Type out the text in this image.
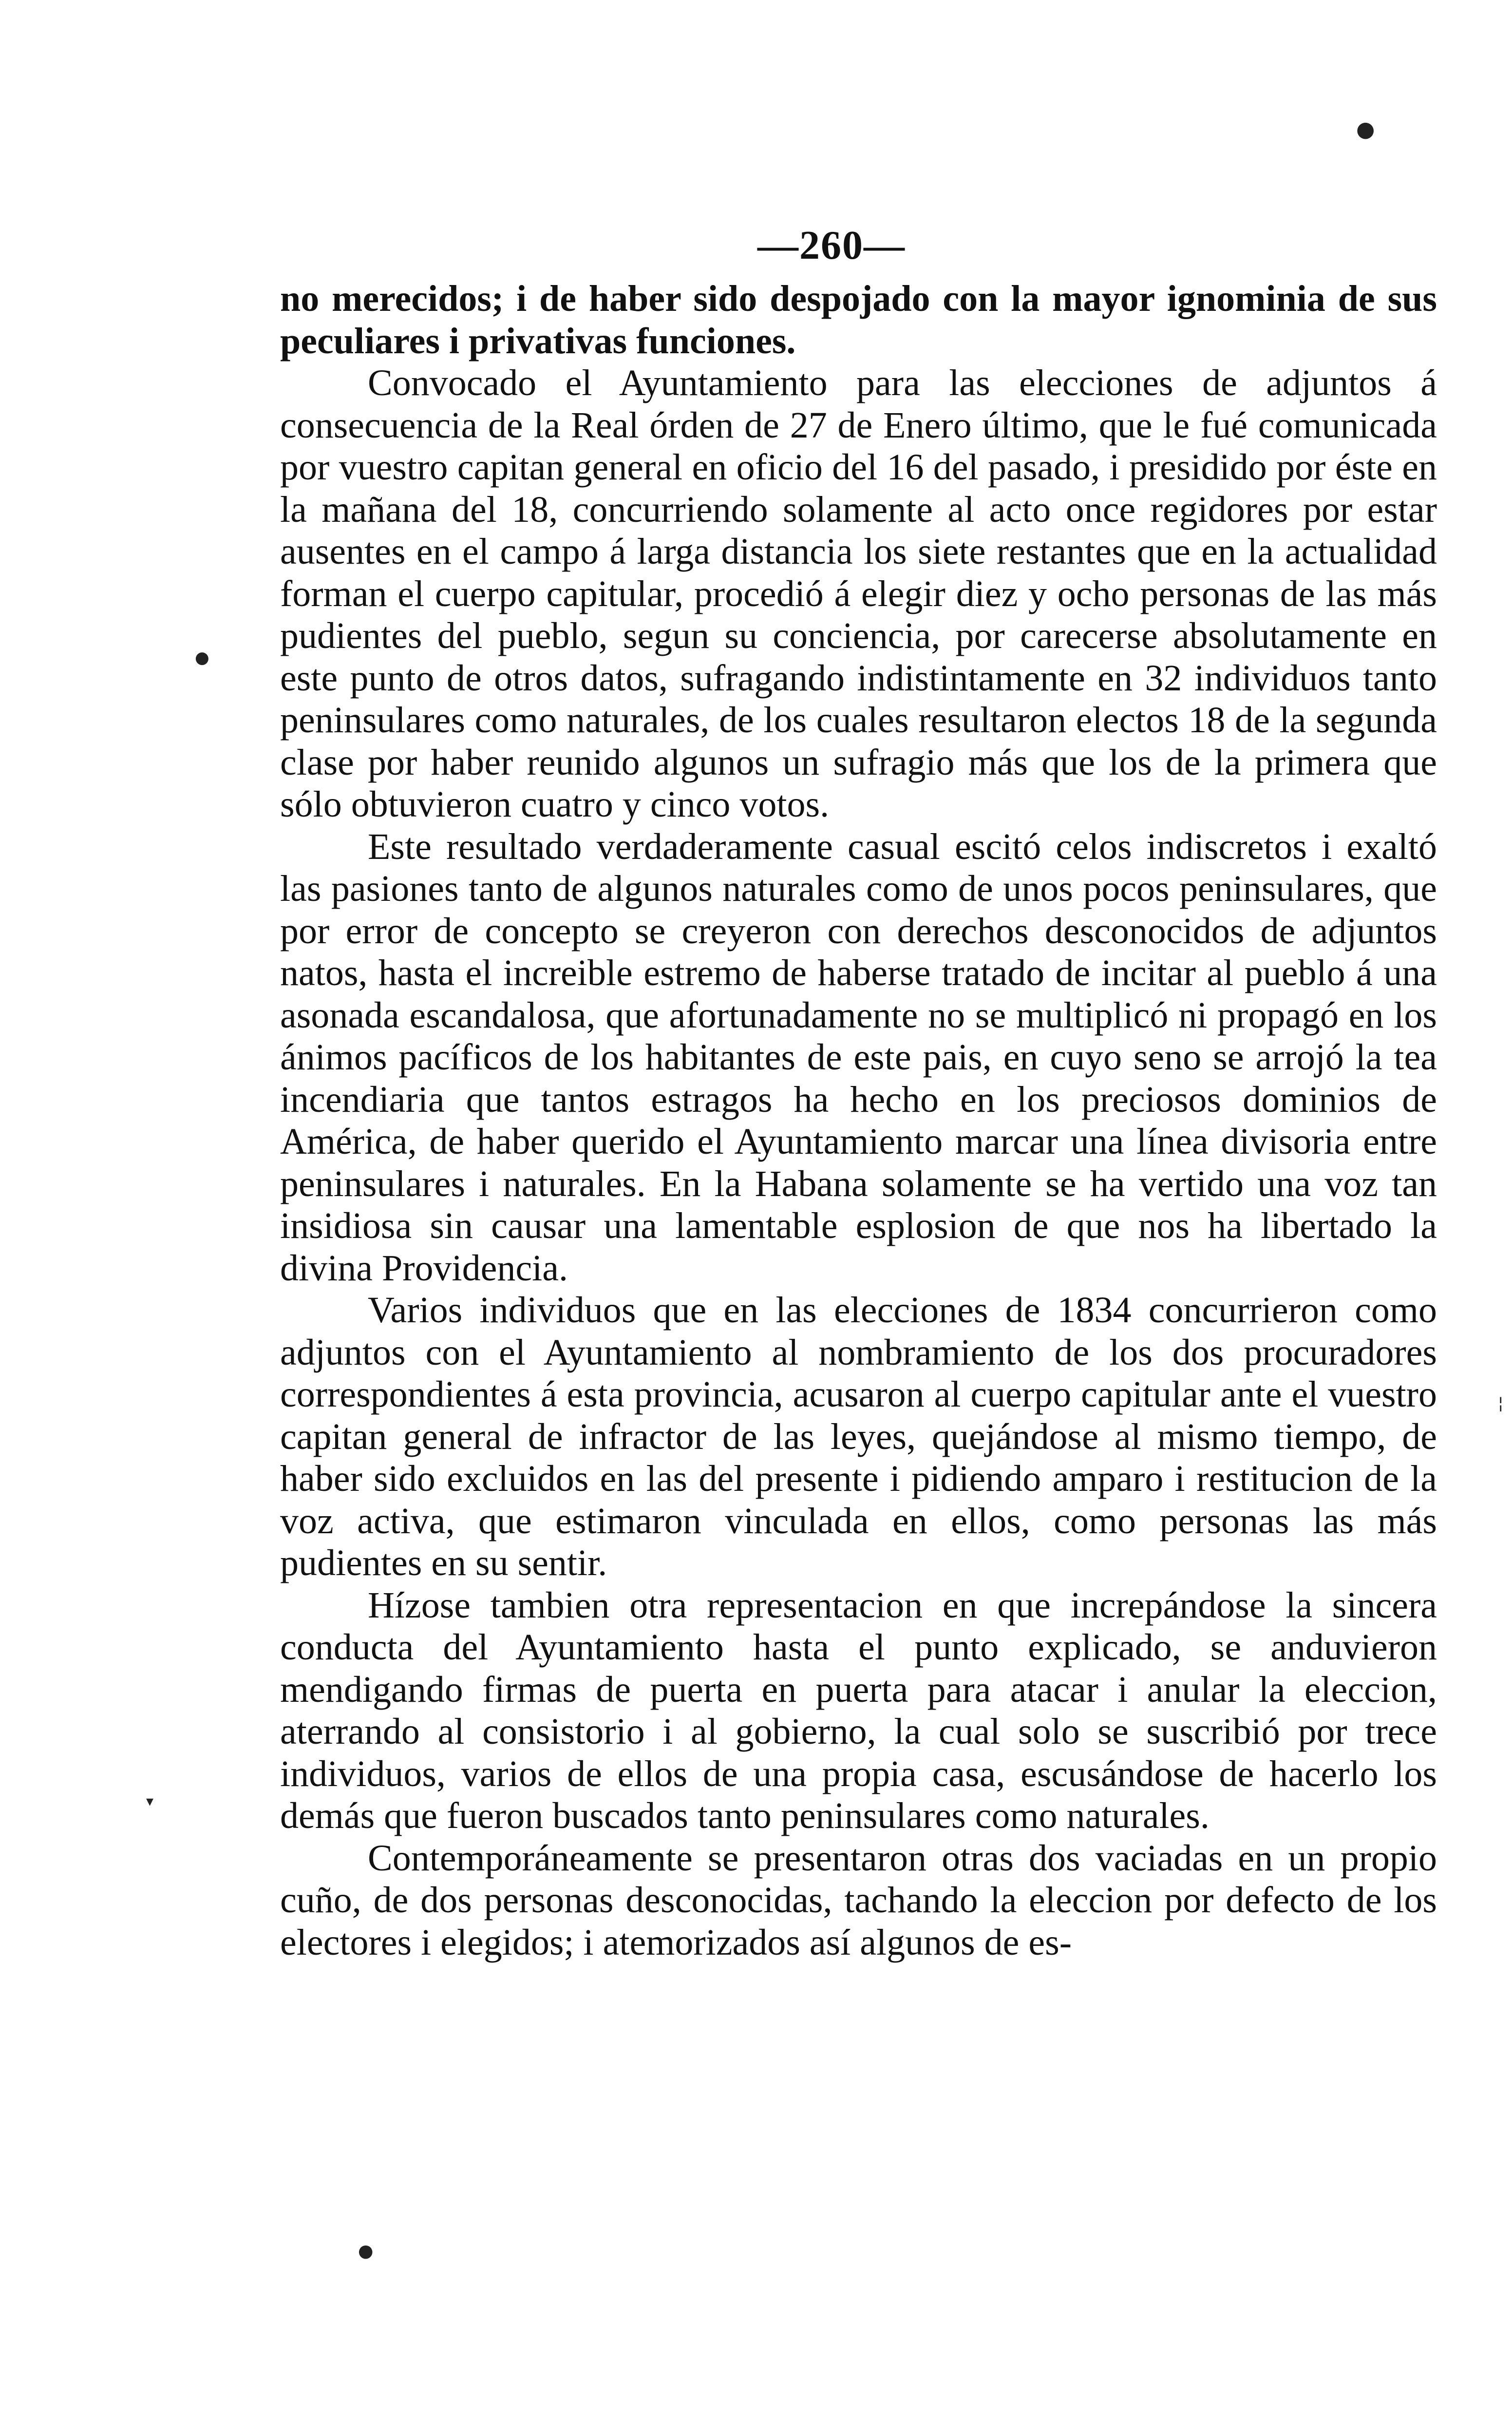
●
—260—

no merecidos; i de haber sido despojado con la mayor ignominia de sus peculiares i privativas funciones.

Convocado el Ayuntamiento para las elecciones de adjuntos á consecuencia de la Real órden de 27 de Enero último, que le fué comunicada por vuestro capitan general en oficio del 16 del pasado, i presidido por éste en la mañana del 18, concurriendo solamente al acto once regidores por estar ausentes en el campo á larga distancia los siete restantes que en la actualidad forman el cuerpo capitular, procedió á elegir diez y ocho personas de las más pudientes del pueblo, segun su conciencia, por carecerse absolutamente en este punto de otros datos, sufragando indistintamente en 32 individuos tanto peninsulares como naturales, de los cuales resultaron electos 18 de la segunda clase por haber reunido algunos un sufragio más que los de la primera que sólo obtuvieron cuatro y cinco votos.

Este resultado verdaderamente casual escitó celos indiscretos i exaltó las pasiones tanto de algunos naturales como de unos pocos peninsulares, que por error de concepto se creyeron con derechos desconocidos de adjuntos natos, hasta el increible estremo de haberse tratado de incitar al pueblo á una asonada escandalosa, que afortunadamente no se multiplicó ni propagó en los ánimos pacíficos de los habitantes de este pais, en cuyo seno se arrojó la tea incendiaria que tantos estragos ha hecho en los preciosos dominios de América, de haber querido el Ayuntamiento marcar una línea divisoria entre peninsulares i naturales. En la Habana solamente se ha vertido una voz tan insidiosa sin causar una lamentable esplosion de que nos ha libertado la divina Providencia.

Varios individuos que en las elecciones de 1834 concurrieron como adjuntos con el Ayuntamiento al nombramiento de los dos procuradores correspondientes á esta provincia, acusaron al cuerpo capitular ante el vuestro capitan general de infractor de las leyes, quejándose al mismo tiempo, de haber sido excluidos en las del presente i pidiendo amparo i restitucion de la voz activa, que estimaron vinculada en ellos, como personas las más pudientes en su sentir.

Hízose tambien otra representacion en que increpándose la sincera conducta del Ayuntamiento hasta el punto explicado, se anduvieron mendigando firmas de puerta en puerta para atacar i anular la eleccion, aterrando al consistorio i al gobierno, la cual solo se suscribió por trece individuos, varios de ellos de una propia casa, escusándose de hacerlo los demás que fueron buscados tanto peninsulares como naturales.

Contemporáneamente se presentaron otras dos vaciadas en un propio cuño, de dos personas desconocidas, tachando la eleccion por defecto de los electores i elegidos; i atemorizados así algunos de es-

●
▾
●
¦
